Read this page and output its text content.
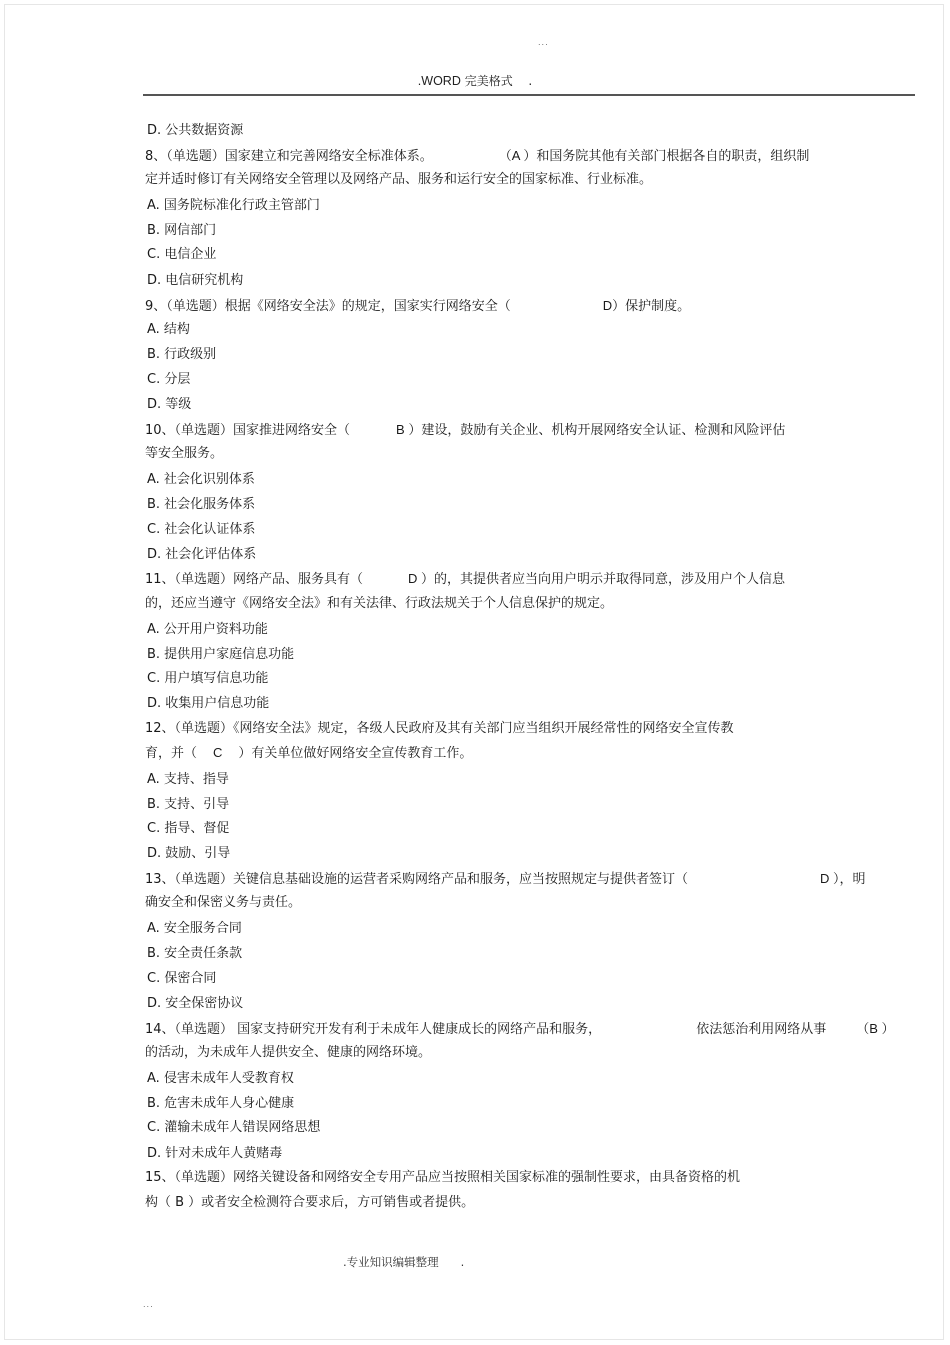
...
.WORD 完美格式 .
D. 公共数据资源
8、（单选题）国家建立和完善网络安全标准体系。	（A ）和国务院其他有关部门根据各自的职责，组织制
定并适时修订有关网络安全管理以及网络产品、服务和运行安全的国家标准、行业标准。
A. 国务院标准化行政主管部门
B. 网信部门
C. 电信企业
D. 电信研究机构
9、（单选题）根据《网络安全法》的规定，国家实行网络安全（	D）保护制度。
A. 结构
B. 行政级别
C. 分层
D. 等级
10、（单选题）国家推进网络安全（	B ）建设，鼓励有关企业、机构开展网络安全认证、检测和风险评估
等安全服务。
A. 社会化识别体系
B. 社会化服务体系
C. 社会化认证体系
D. 社会化评估体系
11、（单选题）网络产品、服务具有（	D ）的，其提供者应当向用户明示并取得同意，涉及用户个人信息
的，还应当遵守《网络安全法》和有关法律、行政法规关于个人信息保护的规定。
A. 公开用户资料功能
B. 提供用户家庭信息功能
C. 用户填写信息功能
D. 收集用户信息功能
12、（单选题）《网络安全法》规定，各级人民政府及其有关部门应当组织开展经常性的网络安全宣传教
育，并（ C ）有关单位做好网络安全宣传教育工作。
A. 支持、指导
B. 支持、引导
C. 指导、督促
D. 鼓励、引导
13、（单选题）关键信息基础设施的运营者采购网络产品和服务，应当按照规定与提供者签订（	D ），明
确安全和保密义务与责任。
A. 安全服务合同
B. 安全责任条款
C. 保密合同
D. 安全保密协议
14、（单选题） 国家支持研究开发有利于未成年人健康成长的网络产品和服务，	依法惩治利用网络从事 （B ）
的活动，为未成年人提供安全、健康的网络环境。
A. 侵害未成年人受教育权
B. 危害未成年人身心健康
C. 灌输未成年人错误网络思想
D. 针对未成年人黄赌毒
15、（单选题）网络关键设备和网络安全专用产品应当按照相关国家标准的强制性要求，由具备资格的机
构（ B ）或者安全检测符合要求后，方可销售或者提供。
.专业知识编辑整理 .
...
